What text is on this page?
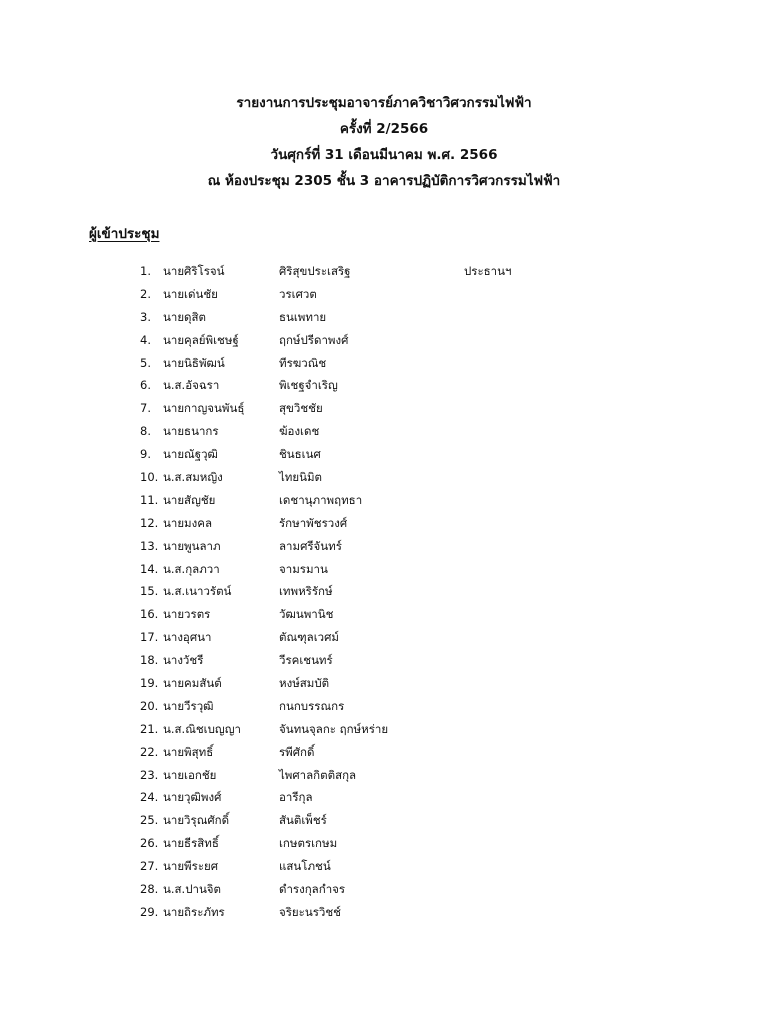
รายงานการประชุมอาจารย์ภาควิชาวิศวกรรมไฟฟ้า
ครั้งที่ 2/2566
วันศุกร์ที่ 31 เดือนมีนาคม พ.ศ. 2566
ณ ห้องประชุม 2305 ชั้น 3 อาคารปฏิบัติการวิศวกรรมไฟฟ้า
ผู้เข้าประชุม
1. นายศิริโรจน์	ศิริสุขประเสริฐ	ประธานฯ
2. นายเด่นชัย	วรเศวต
3. นายดุสิต	ธนเพทาย
4. นายคุลย์พิเชษฐ์	ฤกษ์ปรีดาพงศ์
5. นายนิธิพัฒน์	ทีรฆวณิช
6. น.ส.อัจฉรา	พิเชฐจำเริญ
7. นายกาญจนพันธุ์	สุขวิชชัย
8. นายธนากร	ฆ้องเดช
9. นายณัฐวุฒิ	ชินธเนศ
10. น.ส.สมหญิง	ไทยนิมิต
11. นายสัญชัย	เดชานุภาพฤทธา
12. นายมงคล	รักษาพัชรวงศ์
13. นายพูนลาภ	ลามศรีจันทร์
14. น.ส.กุลภวา	จามรมาน
15. น.ส.เนาวรัตน์	เทพหริรักษ์
16. นายวรตร	วัฒนพานิช
17. นางอุศนา	ตัณฑุลเวศม์
18. นางวัชรี	วีรคเชนทร์
19. นายคมสันต์	หงษ์สมบัติ
20. นายวีรวุฒิ	กนกบรรณกร
21. น.ส.ณิชเบญญา	จันทนจุลกะ ฤกษ์หร่าย
22. นายพิสุทธิ์	รพีศักดิ์
23. นายเอกชัย	ไพศาลกิตติสกุล
24. นายวุฒิพงศ์	อารีกุล
25. นายวิรุณศักดิ์	สันติเพ็ชร์
26. นายธีรสิทธิ์	เกษตรเกษม
27. นายพีระยศ	แสนโภชน์
28. น.ส.ปานจิต	ดำรงกุลกำจร
29. นายถิระภัทร	จริยะนรวิชช์
